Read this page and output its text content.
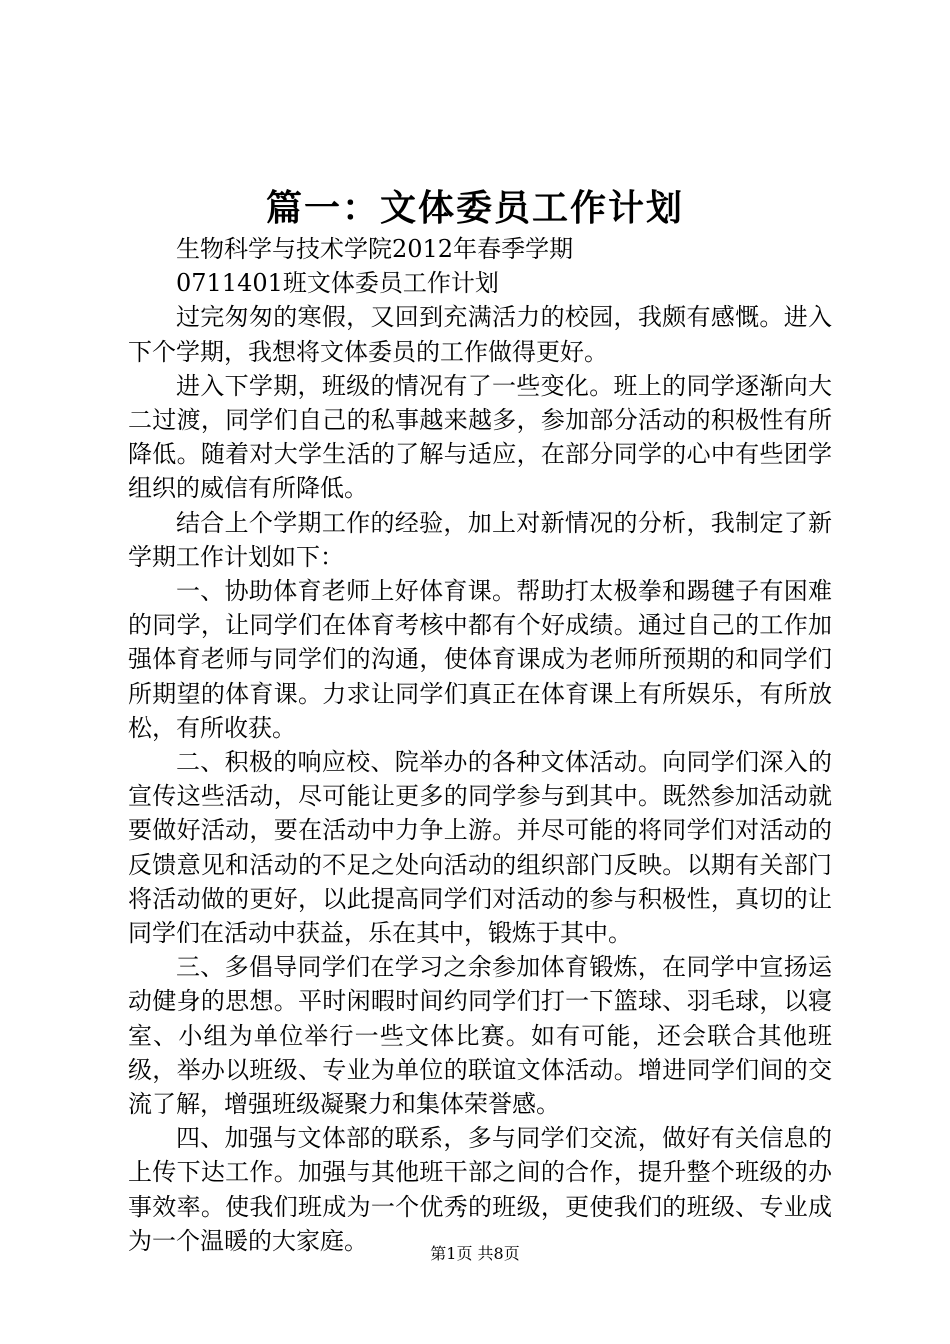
篇一：文体委员工作计划

生物科学与技术学院2012年春季学期

0711401班文体委员工作计划

过完匆匆的寒假，又回到充满活力的校园，我颇有感慨。进入下个学期，我想将文体委员的工作做得更好。

进入下学期，班级的情况有了一些变化。班上的同学逐渐向大二过渡，同学们自己的私事越来越多，参加部分活动的积极性有所降低。随着对大学生活的了解与适应，在部分同学的心中有些团学组织的威信有所降低。

结合上个学期工作的经验，加上对新情况的分析，我制定了新学期工作计划如下：

一、协助体育老师上好体育课。帮助打太极拳和踢毽子有困难的同学，让同学们在体育考核中都有个好成绩。通过自己的工作加强体育老师与同学们的沟通，使体育课成为老师所预期的和同学们所期望的体育课。力求让同学们真正在体育课上有所娱乐，有所放松，有所收获。

二、积极的响应校、院举办的各种文体活动。向同学们深入的宣传这些活动，尽可能让更多的同学参与到其中。既然参加活动就要做好活动，要在活动中力争上游。并尽可能的将同学们对活动的反馈意见和活动的不足之处向活动的组织部门反映。以期有关部门将活动做的更好，以此提高同学们对活动的参与积极性，真切的让同学们在活动中获益，乐在其中，锻炼于其中。

三、多倡导同学们在学习之余参加体育锻炼，在同学中宣扬运动健身的思想。平时闲暇时间约同学们打一下篮球、羽毛球，以寝室、小组为单位举行一些文体比赛。如有可能，还会联合其他班级，举办以班级、专业为单位的联谊文体活动。增进同学们间的交流了解，增强班级凝聚力和集体荣誉感。

四、加强与文体部的联系，多与同学们交流，做好有关信息的上传下达工作。加强与其他班干部之间的合作，提升整个班级的办事效率。使我们班成为一个优秀的班级，更使我们的班级、专业成为一个温暖的大家庭。	第1页 共8页
